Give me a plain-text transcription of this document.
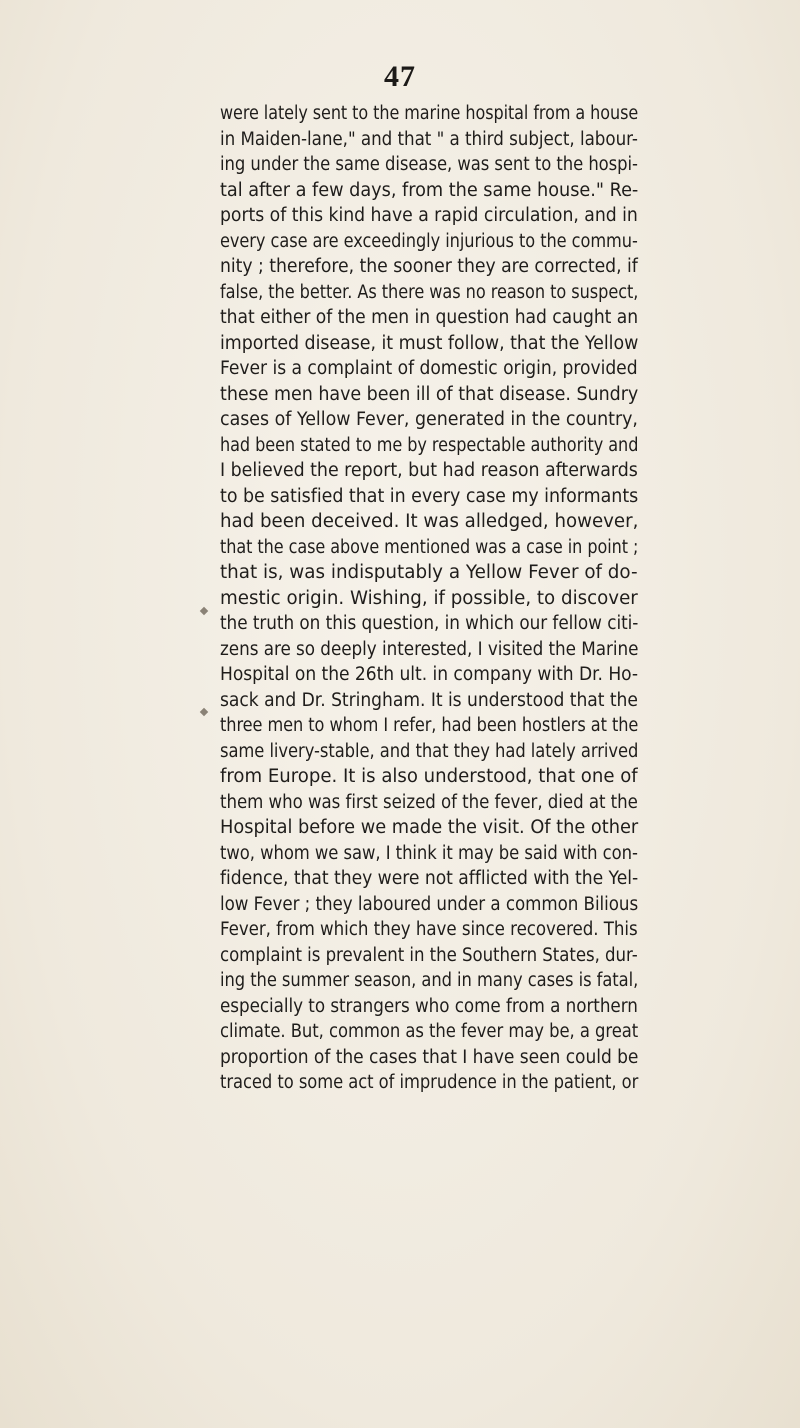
47
were lately sent to the marine hospital from a house
in Maiden-lane," and that " a third subject, labour-
ing under the same disease, was sent to the hospi-
tal after a few days, from the same house." Re-
ports of this kind have a rapid circulation, and in
every case are exceedingly injurious to the commu-
nity ; therefore, the sooner they are corrected, if
false, the better. As there was no reason to suspect,
that either of the men in question had caught an
imported disease, it must follow, that the Yellow
Fever is a complaint of domestic origin, provided
these men have been ill of that disease. Sundry
cases of Yellow Fever, generated in the country,
had been stated to me by respectable authority and
I believed the report, but had reason afterwards
to be satisfied that in every case my informants
had been deceived. It was alledged, however,
that the case above mentioned was a case in point ;
that is, was indisputably a Yellow Fever of do-
mestic origin. Wishing, if possible, to discover
the truth on this question, in which our fellow citi-
zens are so deeply interested, I visited the Marine
Hospital on the 26th ult. in company with Dr. Ho-
sack and Dr. Stringham. It is understood that the
three men to whom I refer, had been hostlers at the
same livery-stable, and that they had lately arrived
from Europe. It is also understood, that one of
them who was first seized of the fever, died at the
Hospital before we made the visit. Of the other
two, whom we saw, I think it may be said with con-
fidence, that they were not afflicted with the Yel-
low Fever ; they laboured under a common Bilious
Fever, from which they have since recovered. This
complaint is prevalent in the Southern States, dur-
ing the summer season, and in many cases is fatal,
especially to strangers who come from a northern
climate. But, common as the fever may be, a great
proportion of the cases that I have seen could be
traced to some act of imprudence in the patient, or
